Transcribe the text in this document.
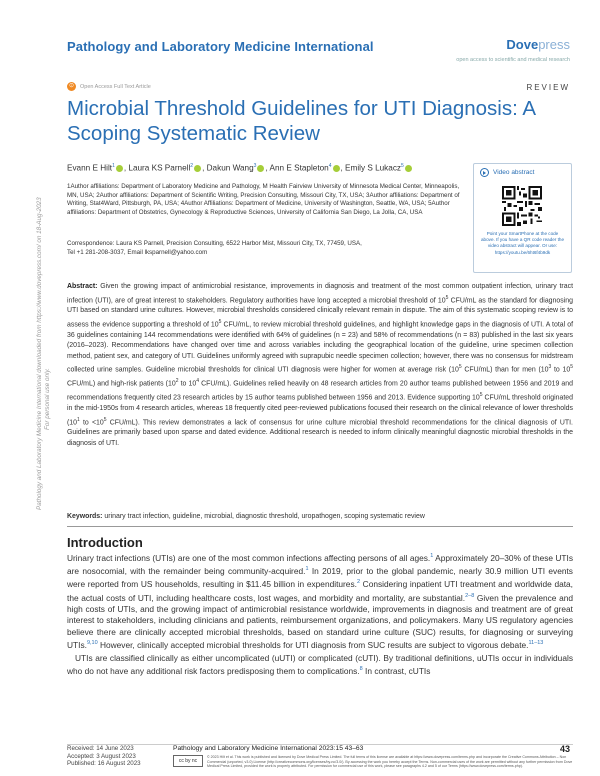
Pathology and Laboratory Medicine International	Dovepress
open access to scientific and medical research
⊙	Open Access Full Text Article	REVIEW
Microbial Threshold Guidelines for UTI Diagnosis: A Scoping Systematic Review
Pathology and Laboratory Medicine International downloaded from https://www.dovepress.com/ on 18-Aug-2023 For personal use only.
Evann E Hilt$^1$ , Laura KS Parnell$^2$ , Dakun Wang$^3$ , Ann E Stapleton$^4$ , Emily S Lukacz$^5$
1Author affiliations: Department of Laboratory Medicine and Pathology, M Health Fairview University of Minnesota Medical Center, Minneapolis, MN, USA; 2Author affiliations: Department of Scientific Writing, Precision Consulting, Missouri City, TX, USA; 3Author affiliations: Department of Writing, Stat4Ward, Pittsburgh, PA, USA; 4Author Affiliations: Department of Medicine, University of Washington, Seattle, WA, USA; 5Author affiliations: Department of Obstetrics, Gynecology & Reproductive Sciences, University of California San Diego, La Jolla, CA, USA
Correspondence: Laura KS Parnell, Precision Consulting, 6522 Harbor Mist, Missouri City, TX, 77459, USA,
Tel +1 281-208-3037, Email lksparnell@yahoo.com
Video abstract
Point your SmartPhone at the code above. If you have a QR code reader the video abstract will appear. Or use: https://youtu.be/6ht6f4b9dk
Abstract: Given the growing impact of antimicrobial resistance, improvements in diagnosis and treatment of the most common outpatient infection, urinary tract infection (UTI), are of great interest to stakeholders. Regulatory authorities have long accepted a microbial threshold of $10^5$ CFU/mL as the standard for diagnosing UTI based on standard urine cultures. However, microbial thresholds considered clinically relevant remain in dispute. The aim of this systematic scoping review is to assess the evidence supporting a threshold of $10^5$ CFU/mL, to review microbial threshold guidelines, and highlight knowledge gaps in the diagnosis of UTI. A total of 36 guidelines containing 144 recommendations were identified with 64% of guidelines (n = 23) and 58% of recommendations (n = 83) published in the last six years (2016–2023). Recommendations have changed over time and across variables including the geographical location of the guideline, urine specimen collection method, patient sex, and category of UTI. Guidelines uniformly agreed with suprapubic needle specimen collection; however, there was no consensus for midstream collected urine samples. Guideline microbial thresholds for clinical UTI diagnosis were higher for women at average risk ($10^5$ CFU/mL) than for men ($10^3$ to $10^5$ CFU/mL) and high-risk patients ($10^2$ to $10^4$ CFU/mL). Guidelines relied heavily on 48 research articles from 20 author teams published between 1956 and 2019 and recommendations frequently cited 23 research articles by 15 author teams published between 1956 and 2013. Evidence supporting $10^5$ CFU/mL threshold originated in the mid-1950s from 4 research articles, whereas 18 frequently cited peer-reviewed publications focused their research on the clinical relevance of lower thresholds ($10^1$ to $<10^5$ CFU/mL). This review demonstrates a lack of consensus for urine culture microbial threshold recommendations for the clinical diagnosis of UTI. Guidelines are primarily based upon sparse and dated evidence. Additional research is needed to inform clinically meaningful diagnostic microbial thresholds in the diagnosis of UTI.
Keywords: urinary tract infection, guideline, microbial, diagnostic threshold, uropathogen, scoping systematic review
Introduction

Urinary tract infections (UTIs) are one of the most common infections affecting persons of all ages.$^1$ Approximately 20–30% of these UTIs are nosocomial, with the remainder being community-acquired.$^1$ In 2019, prior to the global pandemic, nearly 30.9 million UTI events were reported from US households, resulting in $11.45 billion in expenditures.$^2$ Considering inpatient UTI treatment and worldwide data, the actual costs of UTI, including healthcare costs, lost wages, and morbidity and mortality, are substantial.$^{2-8}$ Given the prevalence and high costs of UTIs, and the growing impact of antimicrobial resistance worldwide, improvements in diagnosis and treatment are of great interest to stakeholders, including clinicians and patients, reimbursement organizations, and policymakers. Many US regulatory agencies believe there are clinically accepted microbial thresholds, based on standard urine culture (SUC) results, for diagnosing or surveying UTIs.$^{9,10}$ However, clinically accepted microbial thresholds for UTI diagnosis from SUC results are subject to vigorous debate.$^{11-13}$

UTIs are classified clinically as either uncomplicated (uUTI) or complicated (cUTI). By traditional definitions, uUTIs occur in individuals who do not have any additional risk factors predisposing them to complications.$^8$ In contrast, cUTIs

Received: 14 June 2023
Accepted: 3 August 2023
Published: 16 August 2023
Pathology and Laboratory Medicine International 2023:15 43–63	43
cc by nc
© 2023 Hilt et al. This work is published and licensed by Dove Medical Press Limited. The full terms of this license are available at https://www.dovepress.com/terms.php and incorporate the Creative Commons Attribution – Non Commercial (unported, v3.0) License (http://creativecommons.org/licenses/by-nc/3.0/). By accessing the work you hereby accept the Terms. Non-commercial uses of the work are permitted without any further permission from Dove Medical Press Limited, provided the work is properly attributed. For permission for commercial use of this work, please see paragraphs 4.2 and 5 of our Terms (https://www.dovepress.com/terms.php).
